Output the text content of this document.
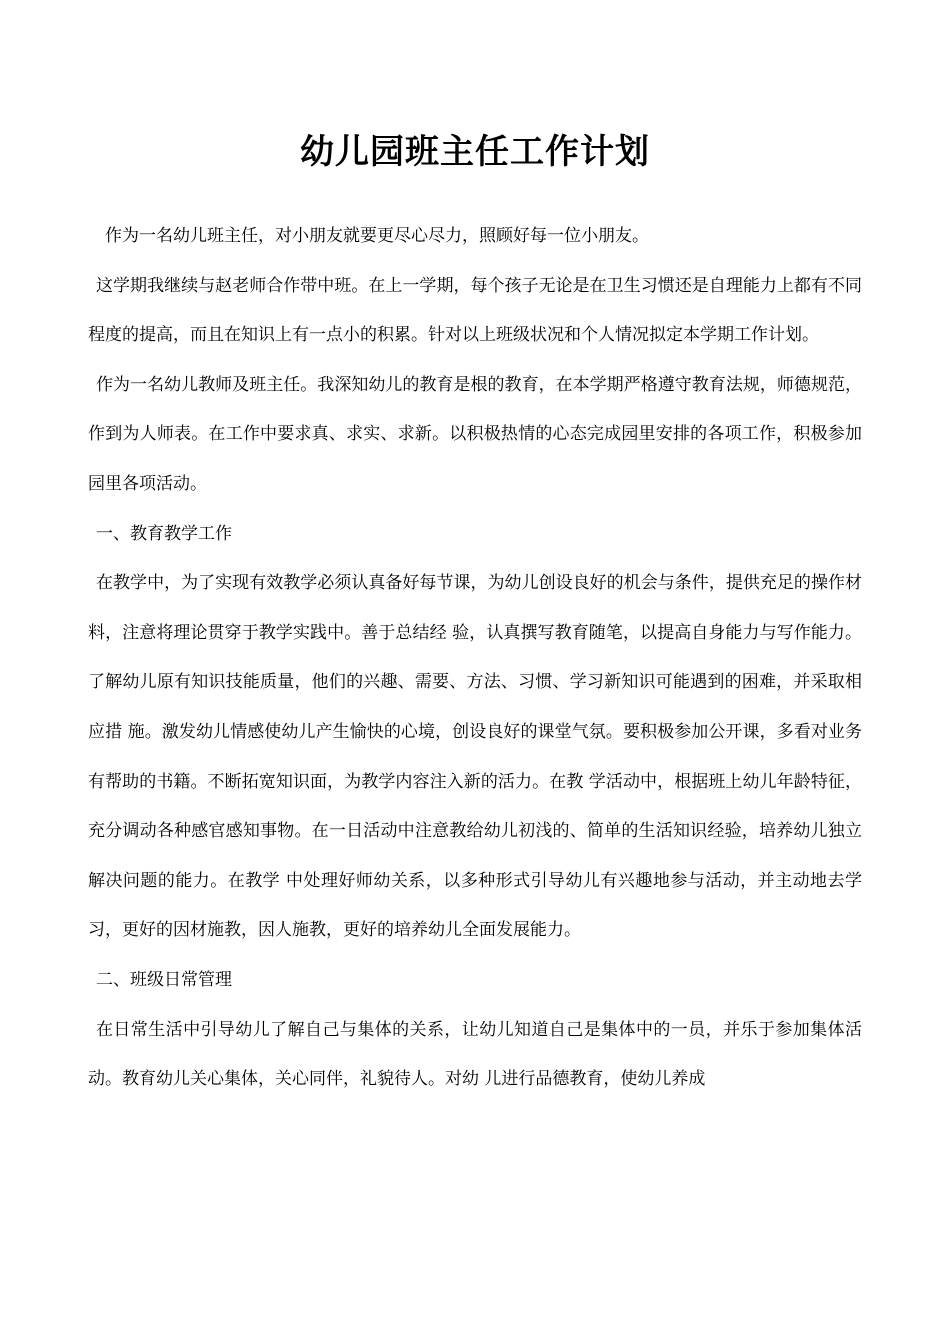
幼儿园班主任工作计划

作为一名幼儿班主任，对小朋友就要更尽心尽力，照顾好每一位小朋友。

这学期我继续与赵老师合作带中班。在上一学期，每个孩子无论是在卫生习惯还是自理能力上都有不同程度的提高，而且在知识上有一点小的积累。针对以上班级状况和个人情况拟定本学期工作计划。

作为一名幼儿教师及班主任。我深知幼儿的教育是根的教育，在本学期严格遵守教育法规，师德规范，作到为人师表。在工作中要求真、求实、求新。以积极热情的心态完成园里安排的各项工作，积极参加园里各项活动。

一、教育教学工作

在教学中，为了实现有效教学必须认真备好每节课，为幼儿创设良好的机会与条件，提供充足的操作材料，注意将理论贯穿于教学实践中。善于总结经 验，认真撰写教育随笔，以提高自身能力与写作能力。了解幼儿原有知识技能质量，他们的兴趣、需要、方法、习惯、学习新知识可能遇到的困难，并采取相应措 施。激发幼儿情感使幼儿产生愉快的心境，创设良好的课堂气氛。要积极参加公开课，多看对业务有帮助的书籍。不断拓宽知识面，为教学内容注入新的活力。在教 学活动中，根据班上幼儿年龄特征，充分调动各种感官感知事物。在一日活动中注意教给幼儿初浅的、简单的生活知识经验，培养幼儿独立解决问题的能力。在教学 中处理好师幼关系，以多种形式引导幼儿有兴趣地参与活动，并主动地去学习，更好的因材施教，因人施教，更好的培养幼儿全面发展能力。

二、班级日常管理

在日常生活中引导幼儿了解自己与集体的关系，让幼儿知道自己是集体中的一员，并乐于参加集体活动。教育幼儿关心集体，关心同伴，礼貌待人。对幼 儿进行品德教育，使幼儿养成
